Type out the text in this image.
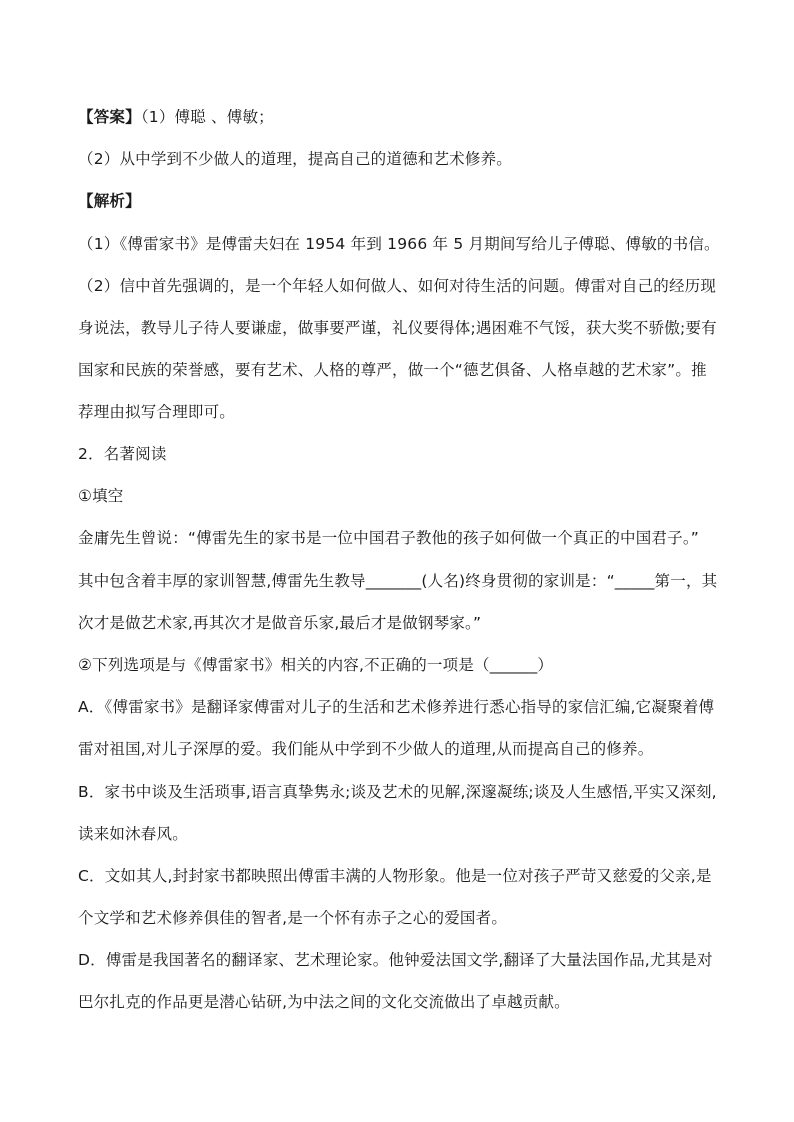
【答案】（1）傅聪 、傅敏；
（2）从中学到不少做人的道理，提高自己的道德和艺术修养。
【解析】
（1）《傅雷家书》是傅雷夫妇在 1954 年到 1966 年 5 月期间写给儿子傅聪、傅敏的书信。
（2）信中首先强调的，是一个年轻人如何做人、如何对待生活的问题。傅雷对自己的经历现
身说法，教导儿子待人要谦虚，做事要严谨，礼仪要得体;遇困难不气馁，获大奖不骄傲;要有
国家和民族的荣誉感，要有艺术、人格的尊严，做一个“德艺俱备、人格卓越的艺术家”。推
荐理由拟写合理即可。
2．名著阅读
①填空
金庸先生曾说：“傅雷先生的家书是一位中国君子教他的孩子如何做一个真正的中国君子。”
其中包含着丰厚的家训智慧,傅雷先生教导_______(人名)终身贯彻的家训是：“_____第一，其
次才是做艺术家,再其次才是做音乐家,最后才是做钢琴家。”
②下列选项是与《傅雷家书》相关的内容,不正确的一项是（______）
A．《傅雷家书》是翻译家傅雷对儿子的生活和艺术修养进行悉心指导的家信汇编,它凝聚着傅
雷对祖国,对儿子深厚的爱。我们能从中学到不少做人的道理,从而提高自己的修养。
B．家书中谈及生活琐事,语言真挚隽永;谈及艺术的见解,深邃凝练;谈及人生感悟,平实又深刻,
读来如沐春风。
C．文如其人,封封家书都映照出傅雷丰满的人物形象。他是一位对孩子严苛又慈爱的父亲,是
个文学和艺术修养俱佳的智者,是一个怀有赤子之心的爱国者。
D．傅雷是我国著名的翻译家、艺术理论家。他钟爱法国文学,翻译了大量法国作品,尤其是对
巴尔扎克的作品更是潜心钻研,为中法之间的文化交流做出了卓越贡献。
